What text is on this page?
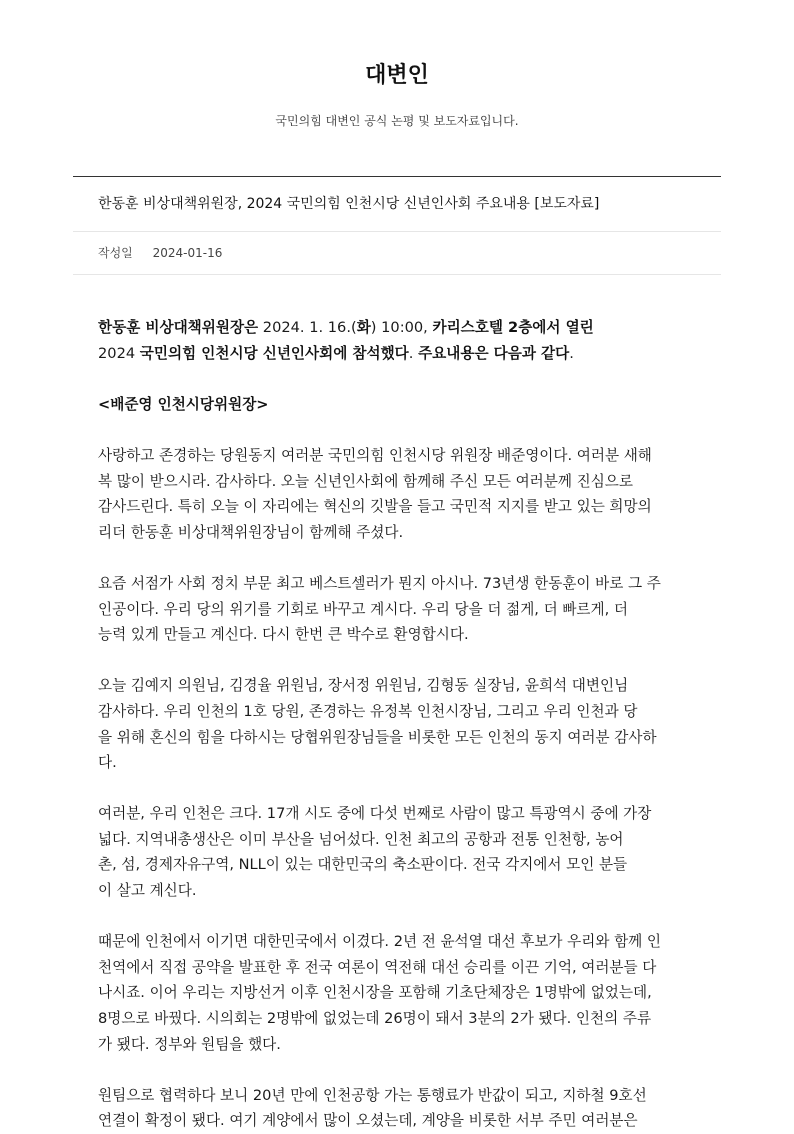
대변인
국민의힘 대변인 공식 논평 및 보도자료입니다.
한동훈 비상대책위원장, 2024 국민의힘 인천시당 신년인사회 주요내용 [보도자료]
작성일 2024-01-16

한동훈 비상대책위원장은 2024. 1. 16.(화) 10:00, 카리스호텔 2층에서 열린
2024 국민의힘 인천시당 신년인사회에 참석했다. 주요내용은 다음과 같다.

<배준영 인천시당위원장>

사랑하고 존경하는 당원동지 여러분 국민의힘 인천시당 위원장 배준영이다. 여러분 새해
복 많이 받으시라. 감사하다. 오늘 신년인사회에 함께해 주신 모든 여러분께 진심으로
감사드린다. 특히 오늘 이 자리에는 혁신의 깃발을 들고 국민적 지지를 받고 있는 희망의
리더 한동훈 비상대책위원장님이 함께해 주셨다.

요즘 서점가 사회 정치 부문 최고 베스트셀러가 뭔지 아시나. 73년생 한동훈이 바로 그 주
인공이다. 우리 당의 위기를 기회로 바꾸고 계시다. 우리 당을 더 젊게, 더 빠르게, 더
능력 있게 만들고 계신다. 다시 한번 큰 박수로 환영합시다.

오늘 김예지 의원님, 김경율 위원님, 장서정 위원님, 김형동 실장님, 윤희석 대변인님
감사하다. 우리 인천의 1호 당원, 존경하는 유정복 인천시장님, 그리고 우리 인천과 당
을 위해 혼신의 힘을 다하시는 당협위원장님들을 비롯한 모든 인천의 동지 여러분 감사하
다.

여러분, 우리 인천은 크다. 17개 시도 중에 다섯 번째로 사람이 많고 특광역시 중에 가장
넓다. 지역내총생산은 이미 부산을 넘어섰다. 인천 최고의 공항과 전통 인천항, 농어
촌, 섬, 경제자유구역, NLL이 있는 대한민국의 축소판이다. 전국 각지에서 모인 분들
이 살고 계신다.

때문에 인천에서 이기면 대한민국에서 이겼다. 2년 전 윤석열 대선 후보가 우리와 함께 인
천역에서 직접 공약을 발표한 후 전국 여론이 역전해 대선 승리를 이끈 기억, 여러분들 다
나시죠. 이어 우리는 지방선거 이후 인천시장을 포함해 기초단체장은 1명밖에 없었는데,
8명으로 바꿨다. 시의회는 2명밖에 없었는데 26명이 돼서 3분의 2가 됐다. 인천의 주류
가 됐다. 정부와 원팀을 했다.

원팀으로 협력하다 보니 20년 만에 인천공항 가는 통행료가 반값이 되고, 지하철 9호선
연결이 확정이 됐다. 여기 계양에서 많이 오셨는데, 계양을 비롯한 서부 주민 여러분은
